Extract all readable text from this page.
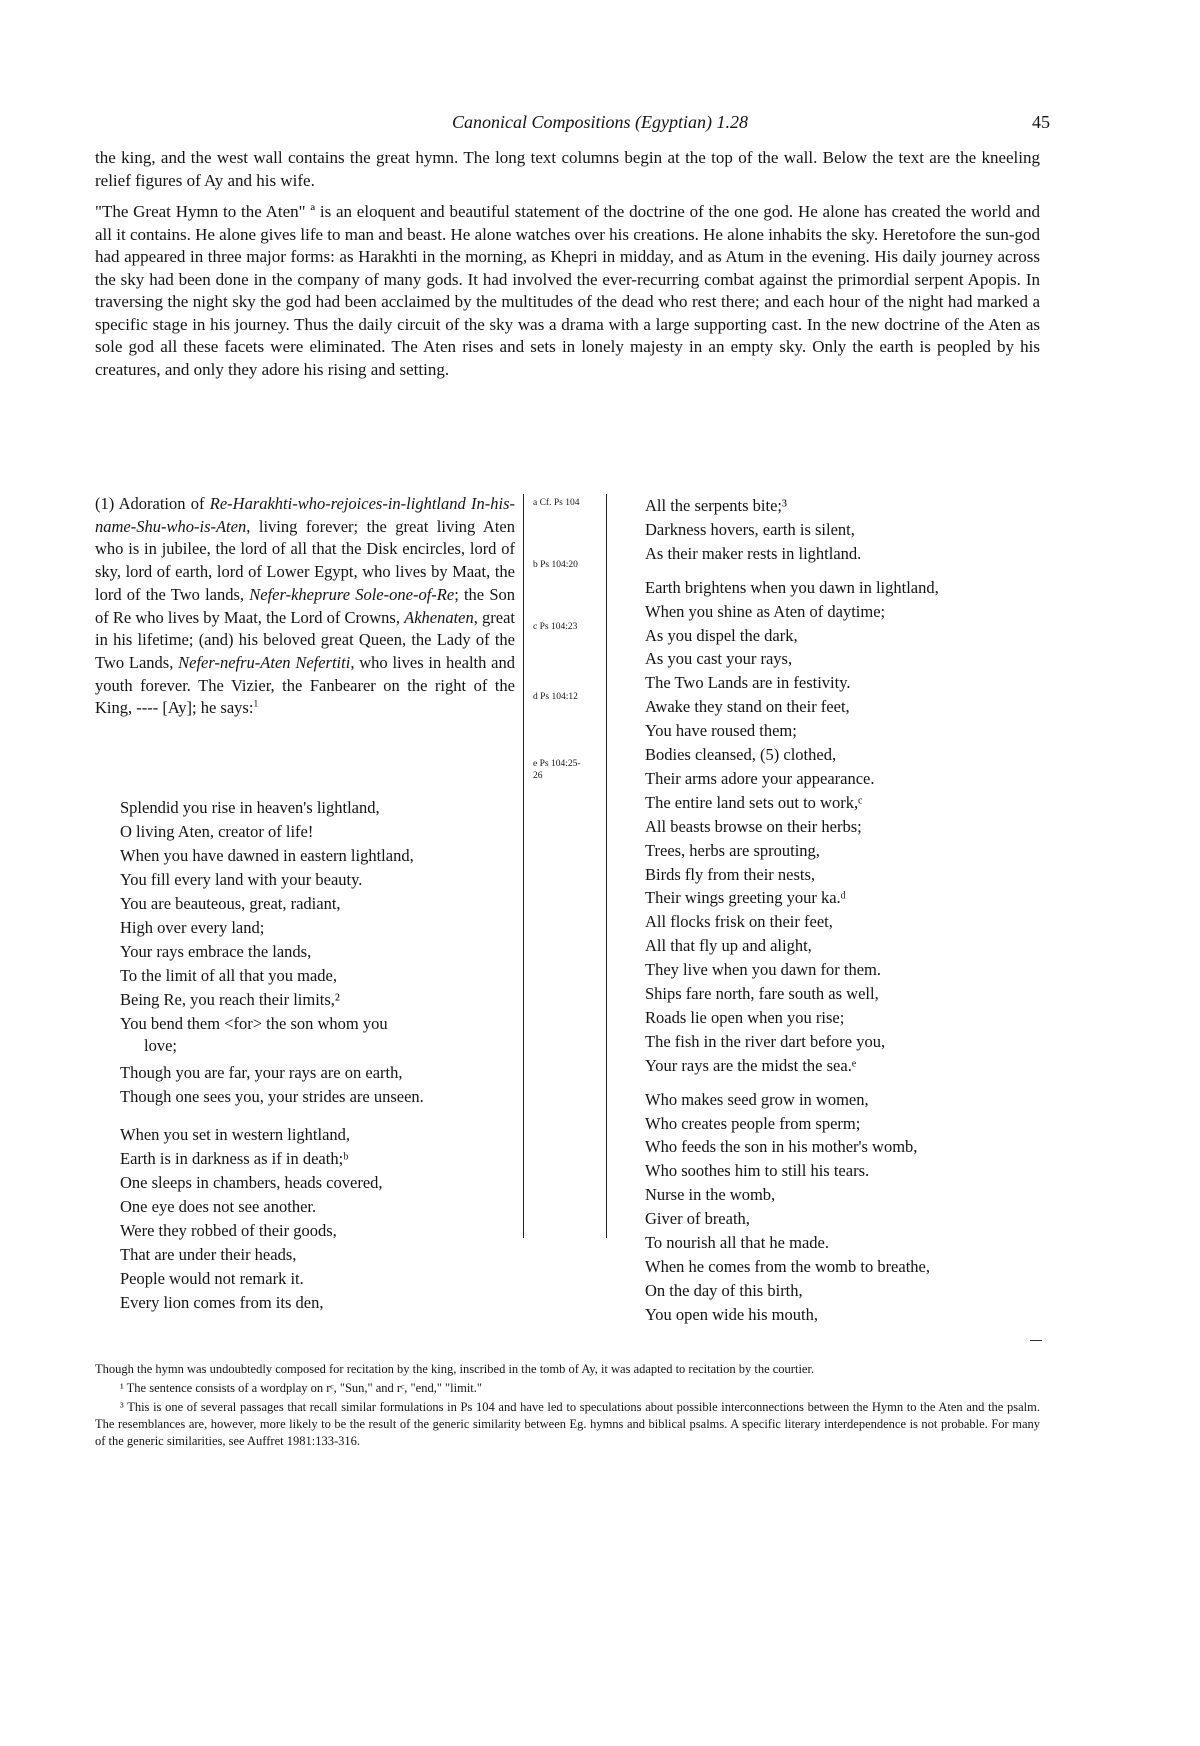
Canonical Compositions (Egyptian) 1.28	45

the king, and the west wall contains the great hymn. The long text columns begin at the top of the wall. Below the text are the kneeling relief figures of Ay and his wife.

"The Great Hymn to the Aten" ª is an eloquent and beautiful statement of the doctrine of the one god. He alone has created the world and all it contains. He alone gives life to man and beast. He alone watches over his creations. He alone inhabits the sky. Heretofore the sun-god had appeared in three major forms: as Harakhti in the morning, as Khepri in midday, and as Atum in the evening. His daily journey across the sky had been done in the company of many gods. It had involved the ever-recurring combat against the primordial serpent Apopis. In traversing the night sky the god had been acclaimed by the multitudes of the dead who rest there; and each hour of the night had marked a specific stage in his journey. Thus the daily circuit of the sky was a drama with a large supporting cast. In the new doctrine of the Aten as sole god all these facets were eliminated. The Aten rises and sets in lonely majesty in an empty sky. Only the earth is peopled by his creatures, and only they adore his rising and setting.

(1) Adoration of Re-Harakhti-who-rejoices-in-lightland In-his-name-Shu-who-is-Aten, living forever; the great living Aten who is in jubilee, the lord of all that the Disk encircles, lord of sky, lord of earth, lord of Lower Egypt, who lives by Maat, the lord of the Two lands, Nefer-kheprure Sole-one-of-Re; the Son of Re who lives by Maat, the Lord of Crowns, Akhenaten, great in his lifetime; (and) his beloved great Queen, the Lady of the Two Lands, Nefer-nefru-Aten Nefertiti, who lives in health and youth forever. The Vizier, the Fanbearer on the right of the King, ---- [Ay]; he says:$^1$
a Cf. Ps 104
b Ps 104:20
c Ps 104:23
d Ps 104:12
e Ps 104:25-
26
Splendid you rise in heaven's lightland,
O living Aten, creator of life!
When you have dawned in eastern lightland,
You fill every land with your beauty.
You are beauteous, great, radiant,
High over every land;
Your rays embrace the lands,
To the limit of all that you made,
Being Re, you reach their limits,²
You bend them <for> the son whom you
love;
Though you are far, your rays are on earth,
Though one sees you, your strides are unseen.
When you set in western lightland,
Earth is in darkness as if in death;ᵇ
One sleeps in chambers, heads covered,
One eye does not see another.
Were they robbed of their goods,
That are under their heads,
People would not remark it.
Every lion comes from its den,
All the serpents bite;³
Darkness hovers, earth is silent,
As their maker rests in lightland.
Earth brightens when you dawn in lightland,
When you shine as Aten of daytime;
As you dispel the dark,
As you cast your rays,
The Two Lands are in festivity.
Awake they stand on their feet,
You have roused them;
Bodies cleansed, (5) clothed,
Their arms adore your appearance.
The entire land sets out to work,ᶜ
All beasts browse on their herbs;
Trees, herbs are sprouting,
Birds fly from their nests,
Their wings greeting your ka.ᵈ
All flocks frisk on their feet,
All that fly up and alight,
They live when you dawn for them.
Ships fare north, fare south as well,
Roads lie open when you rise;
The fish in the river dart before you,
Your rays are the midst the sea.ᵉ
Who makes seed grow in women,
Who creates people from sperm;
Who feeds the son in his mother's womb,
Who soothes him to still his tears.
Nurse in the womb,
Giver of breath,
To nourish all that he made.
When he comes from the womb to breathe,
On the day of this birth,
You open wide his mouth,

Though the hymn was undoubtedly composed for recitation by the king, inscribed in the tomb of Ay, it was adapted to recitation by the courtier.

¹ The sentence consists of a wordplay on rᶜ, "Sun," and rᶜ, "end," "limit."

³ This is one of several passages that recall similar formulations in Ps 104 and have led to speculations about possible interconnections between the Hymn to the Aten and the psalm. The resemblances are, however, more likely to be the result of the generic similarity between Eg. hymns and biblical psalms. A specific literary interdependence is not probable. For many of the generic similarities, see Auffret 1981:133-316.
